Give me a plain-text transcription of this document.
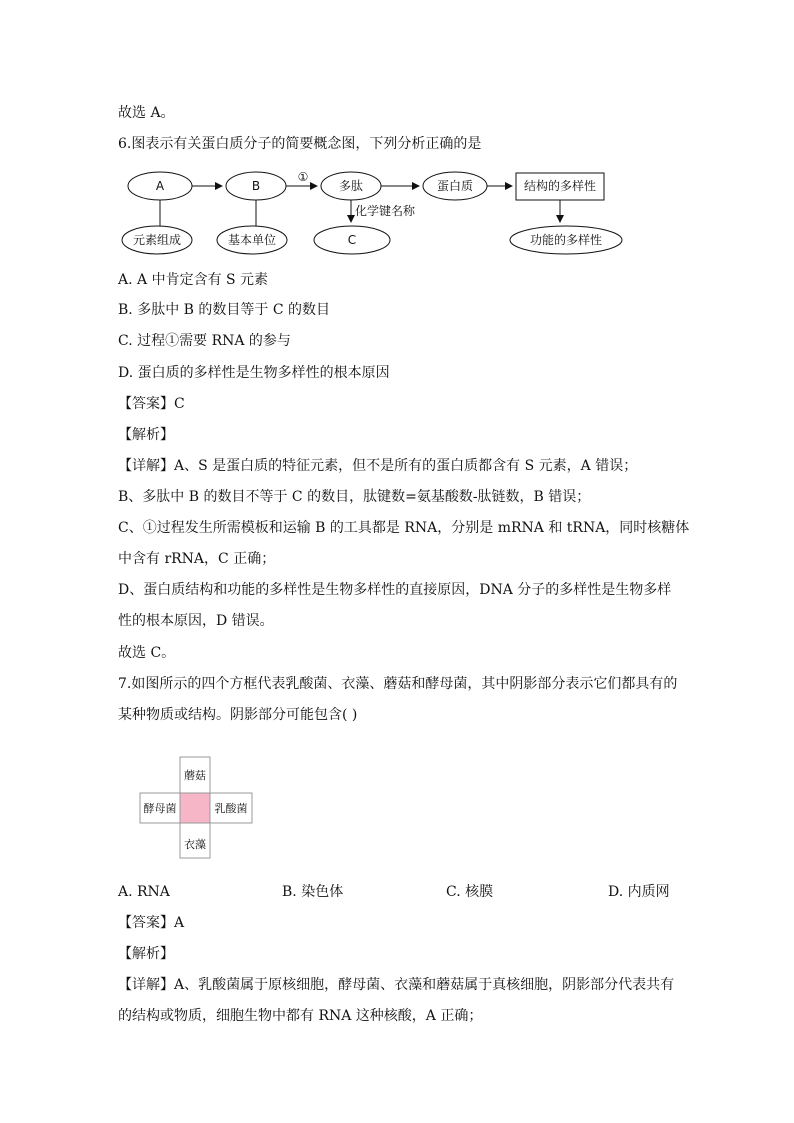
故选 A。
6.图表示有关蛋白质分子的简要概念图，下列分析正确的是
A	B
①
多肽	蛋白质	结构的多样性
化学键名称
元素组成	基本单位	C	功能的多样性
A. A 中肯定含有 S 元素
B. 多肽中 B 的数目等于 C 的数目
C. 过程①需要 RNA 的参与
D. 蛋白质的多样性是生物多样性的根本原因
【答案】C
【解析】
【详解】A、S 是蛋白质的特征元素，但不是所有的蛋白质都含有 S 元素，A 错误；
B、多肽中 B 的数目不等于 C 的数目，肽键数=氨基酸数-肽链数，B 错误；
C、①过程发生所需模板和运输 B 的工具都是 RNA，分别是 mRNA 和 tRNA，同时核糖体
中含有 rRNA，C 正确；
D、蛋白质结构和功能的多样性是生物多样性的直接原因，DNA 分子的多样性是生物多样
性的根本原因，D 错误。
故选 C。
7.如图所示的四个方框代表乳酸菌、衣藻、蘑菇和酵母菌，其中阴影部分表示它们都具有的
某种物质或结构。阴影部分可能包含( )
蘑菇
酵母菌	乳酸菌
衣藻
A. RNA	B. 染色体	C. 核膜	D. 内质网
【答案】A
【解析】
【详解】A、乳酸菌属于原核细胞，酵母菌、衣藻和蘑菇属于真核细胞，阴影部分代表共有
的结构或物质，细胞生物中都有 RNA 这种核酸，A 正确；
